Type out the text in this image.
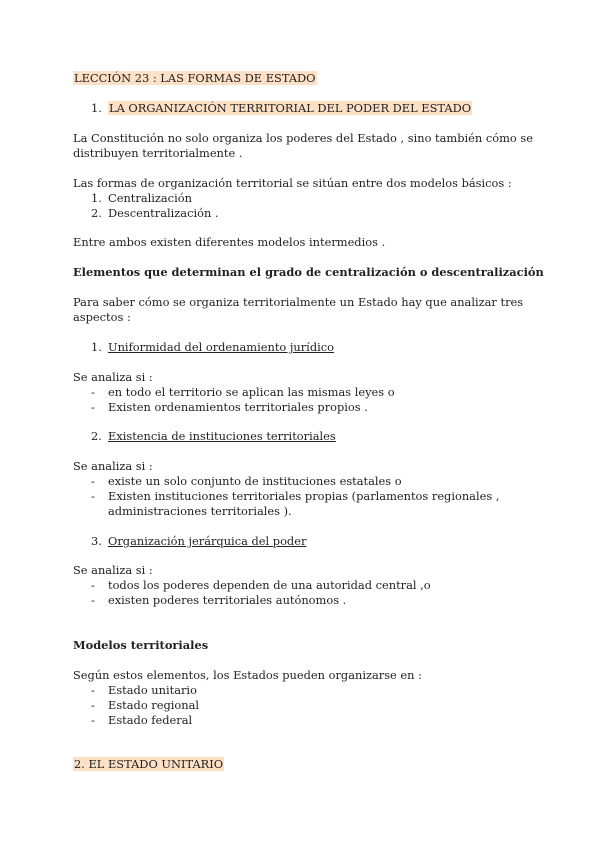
LECCIÓN 23 : LAS FORMAS DE ESTADO
1. LA ORGANIZACIÓN TERRITORIAL DEL PODER DEL ESTADO
La Constitución no solo organiza los poderes del Estado , sino también cómo se
distribuyen territorialmente .
Las formas de organización territorial se sitúan entre dos modelos básicos :
1. Centralización
2. Descentralización .
Entre ambos existen diferentes modelos intermedios .
Elementos que determinan el grado de centralización o descentralización
Para saber cómo se organiza territorialmente un Estado hay que analizar tres
aspectos :
1. Uniformidad del ordenamiento jurídico
Se analiza si :
- en todo el territorio se aplican las mismas leyes o
- Existen ordenamientos territoriales propios .
2. Existencia de instituciones territoriales
Se analiza si :
- existe un solo conjunto de instituciones estatales o
- Existen instituciones territoriales propias (parlamentos regionales ,
administraciones territoriales ).
3. Organización jerárquica del poder
Se analiza si :
- todos los poderes dependen de una autoridad central ,o
- existen poderes territoriales autónomos .
Modelos territoriales
Según estos elementos, los Estados pueden organizarse en :
- Estado unitario
- Estado regional
- Estado federal
2. EL ESTADO UNITARIO
